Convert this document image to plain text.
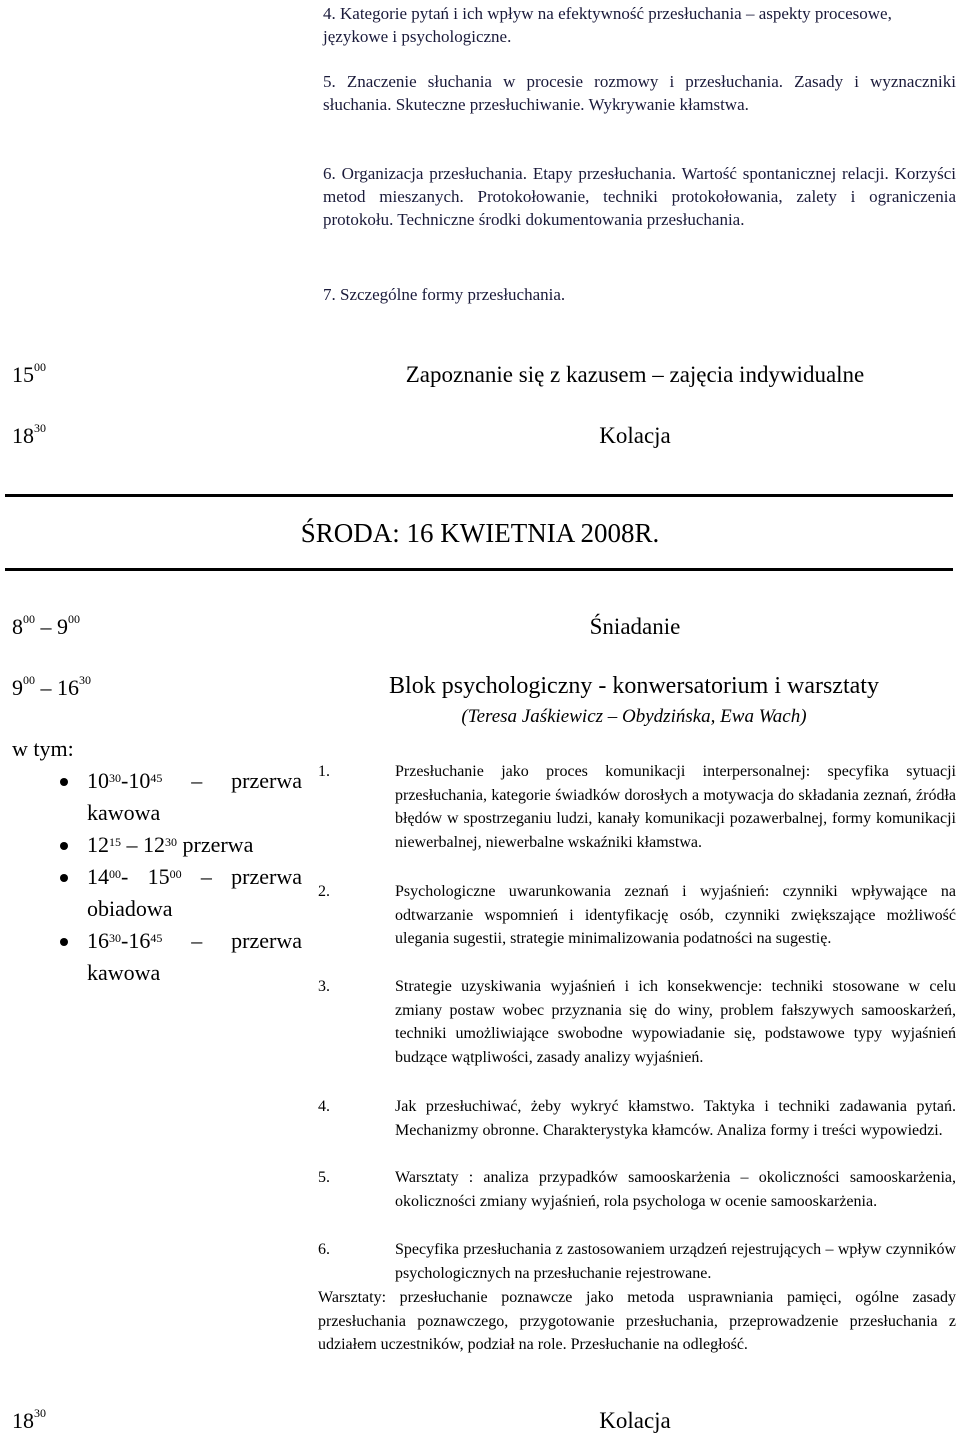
4. Kategorie pytań i ich wpływ na efektywność przesłuchania – aspekty procesowe, językowe i psychologiczne.
5. Znaczenie słuchania w procesie rozmowy i przesłuchania. Zasady i wyznaczniki słuchania. Skuteczne przesłuchiwanie. Wykrywanie kłamstwa.
6. Organizacja przesłuchania. Etapy przesłuchania. Wartość spontanicznej relacji. Korzyści metod mieszanych. Protokołowanie, techniki protokołowania, zalety i ograniczenia protokołu. Techniczne środki dokumentowania przesłuchania.
7. Szczególne formy przesłuchania.
$15^{00}$	Zapoznanie się z kazusem – zajęcia indywidualne
$18^{30}$	Kolacja
ŚRODA: 16 KWIETNIA 2008R.
$8^{00} - 9^{00}$	Śniadanie
$9^{00} - 16^{30}$	Blok psychologiczny - konwersatorium i warsztaty
(Teresa Jaśkiewicz – Obydzińska, Ewa Wach)
w tym:
$10^{30}-10^{45}$ – przerwa kawowa
$12^{15} - 12^{30}$ przerwa
$14^{00}-$ $15^{00}$ – przerwa obiadowa
$16^{30}-16^{45}$ – przerwa kawowa
1.	Przesłuchanie jako proces komunikacji interpersonalnej: specyfika sytuacji przesłuchania, kategorie świadków dorosłych a motywacja do składania zeznań, źródła błędów w spostrzeganiu ludzi, kanały komunikacji pozawerbalnej, formy komunikacji niewerbalnej, niewerbalne wskaźniki kłamstwa.
2.	Psychologiczne uwarunkowania zeznań i wyjaśnień: czynniki wpływające na odtwarzanie wspomnień i identyfikację osób, czynniki zwiększające możliwość ulegania sugestii, strategie minimalizowania podatności na sugestię.
3.	Strategie uzyskiwania wyjaśnień i ich konsekwencje: techniki stosowane w celu zmiany postaw wobec przyznania się do winy, problem fałszywych samooskarżeń, techniki umożliwiające swobodne wypowiadanie się, podstawowe typy wyjaśnień budzące wątpliwości, zasady analizy wyjaśnień.
4.	Jak przesłuchiwać, żeby wykryć kłamstwo. Taktyka i techniki zadawania pytań. Mechanizmy obronne. Charakterystyka kłamców. Analiza formy i treści wypowiedzi.
5.	Warsztaty : analiza przypadków samooskarżenia – okoliczności samooskarżenia, okoliczności zmiany wyjaśnień, rola psychologa w ocenie samooskarżenia.
6.	Specyfika przesłuchania z zastosowaniem urządzeń rejestrujących – wpływ czynników psychologicznych na przesłuchanie rejestrowane.
Warsztaty: przesłuchanie poznawcze jako metoda usprawniania pamięci, ogólne zasady przesłuchania poznawczego, przygotowanie przesłuchania, przeprowadzenie przesłuchania z udziałem uczestników, podział na role. Przesłuchanie na odległość.
$18^{30}$	Kolacja
